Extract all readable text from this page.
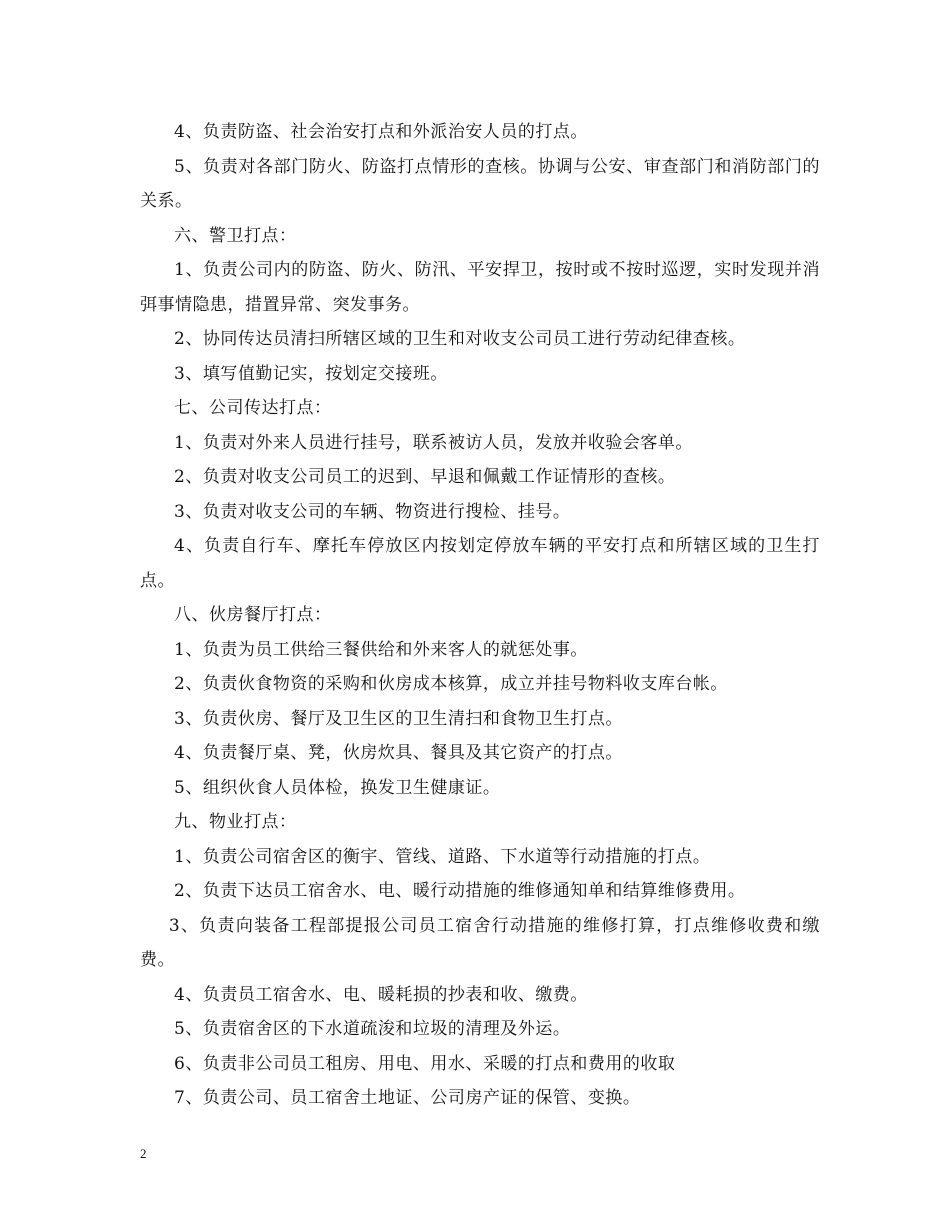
4、负责防盗、社会治安打点和外派治安人员的打点。

5、负责对各部门防火、防盗打点情形的查核。协调与公安、审查部门和消防部门的关系。

六、警卫打点：

1、负责公司内的防盗、防火、防汛、平安捍卫，按时或不按时巡逻，实时发现并消弭事情隐患，措置异常、突发事务。

2、协同传达员清扫所辖区域的卫生和对收支公司员工进行劳动纪律查核。

3、填写值勤记实，按划定交接班。

七、公司传达打点：

1、负责对外来人员进行挂号，联系被访人员，发放并收验会客单。

2、负责对收支公司员工的迟到、早退和佩戴工作证情形的查核。

3、负责对收支公司的车辆、物资进行搜检、挂号。

4、负责自行车、摩托车停放区内按划定停放车辆的平安打点和所辖区域的卫生打点。

八、伙房餐厅打点：

1、负责为员工供给三餐供给和外来客人的就惩处事。

2、负责伙食物资的采购和伙房成本核算，成立并挂号物料收支库台帐。

3、负责伙房、餐厅及卫生区的卫生清扫和食物卫生打点。

4、负责餐厅桌、凳，伙房炊具、餐具及其它资产的打点。

5、组织伙食人员体检，换发卫生健康证。

九、物业打点：

1、负责公司宿舍区的衡宇、管线、道路、下水道等行动措施的打点。

2、负责下达员工宿舍水、电、暖行动措施的维修通知单和结算维修费用。

3、负责向装备工程部提报公司员工宿舍行动措施的维修打算，打点维修收费和缴费。

4、负责员工宿舍水、电、暖耗损的抄表和收、缴费。

5、负责宿舍区的下水道疏浚和垃圾的清理及外运。

6、负责非公司员工租房、用电、用水、采暖的打点和费用的收取

7、负责公司、员工宿舍土地证、公司房产证的保管、变换。

2
